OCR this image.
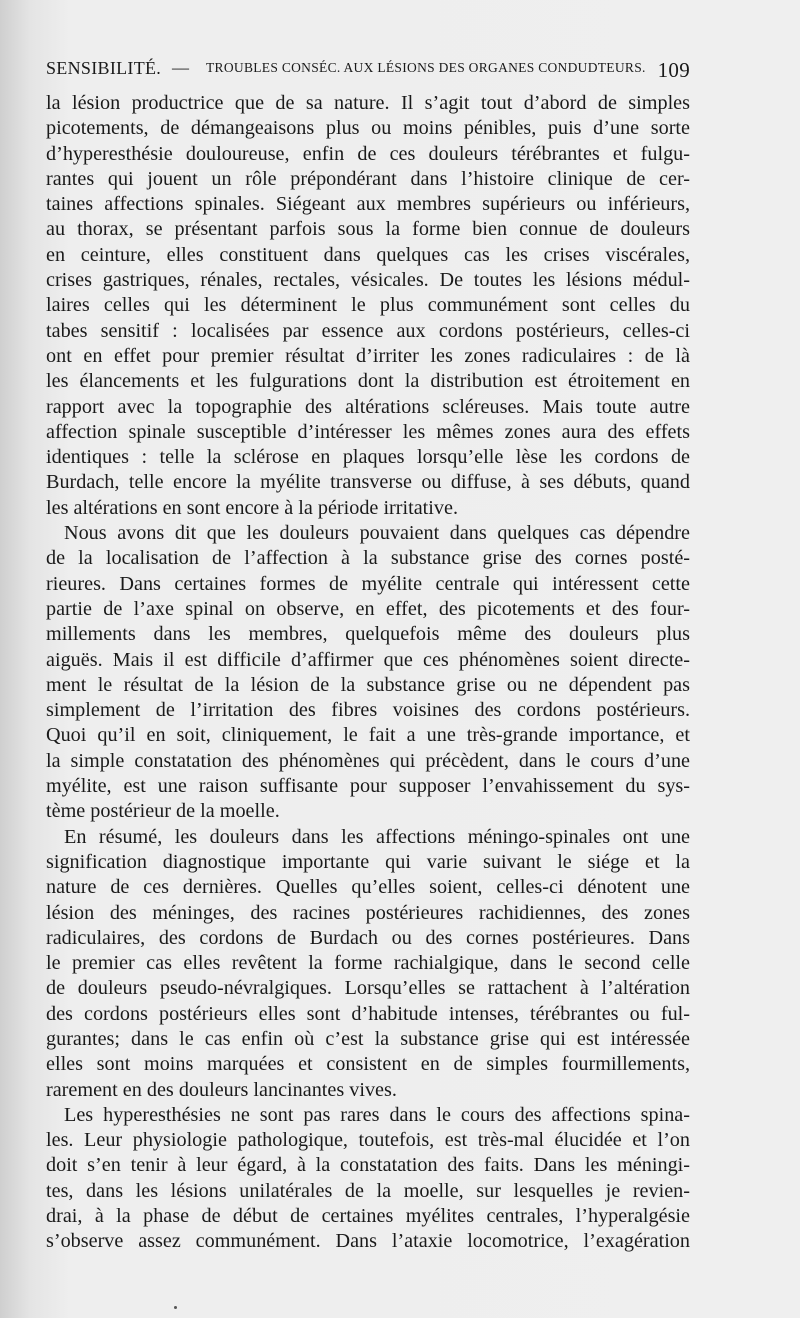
SENSIBILITÉ. — TROUBLES CONSÉC. AUX LÉSIONS DES ORGANES CONDUDTEURS. 109
la lésion productrice que de sa nature. Il s’agit tout d’abord de simples
picotements, de démangeaisons plus ou moins pénibles, puis d’une sorte
d’hyperesthésie douloureuse, enfin de ces douleurs térébrantes et fulgu-
rantes qui jouent un rôle prépondérant dans l’histoire clinique de cer-
taines affections spinales. Siégeant aux membres supérieurs ou inférieurs,
au thorax, se présentant parfois sous la forme bien connue de douleurs
en ceinture, elles constituent dans quelques cas les crises viscérales,
crises gastriques, rénales, rectales, vésicales. De toutes les lésions médul-
laires celles qui les déterminent le plus communément sont celles du
tabes sensitif : localisées par essence aux cordons postérieurs, celles-ci
ont en effet pour premier résultat d’irriter les zones radiculaires : de là
les élancements et les fulgurations dont la distribution est étroitement en
rapport avec la topographie des altérations scléreuses. Mais toute autre
affection spinale susceptible d’intéresser les mêmes zones aura des effets
identiques : telle la sclérose en plaques lorsqu’elle lèse les cordons de
Burdach, telle encore la myélite transverse ou diffuse, à ses débuts, quand
les altérations en sont encore à la période irritative.
Nous avons dit que les douleurs pouvaient dans quelques cas dépendre
de la localisation de l’affection à la substance grise des cornes posté-
rieures. Dans certaines formes de myélite centrale qui intéressent cette
partie de l’axe spinal on observe, en effet, des picotements et des four-
millements dans les membres, quelquefois même des douleurs plus
aiguës. Mais il est difficile d’affirmer que ces phénomènes soient directe-
ment le résultat de la lésion de la substance grise ou ne dépendent pas
simplement de l’irritation des fibres voisines des cordons postérieurs.
Quoi qu’il en soit, cliniquement, le fait a une très-grande importance, et
la simple constatation des phénomènes qui précèdent, dans le cours d’une
myélite, est une raison suffisante pour supposer l’envahissement du sys-
tème postérieur de la moelle.
En résumé, les douleurs dans les affections méningo-spinales ont une
signification diagnostique importante qui varie suivant le siége et la
nature de ces dernières. Quelles qu’elles soient, celles-ci dénotent une
lésion des méninges, des racines postérieures rachidiennes, des zones
radiculaires, des cordons de Burdach ou des cornes postérieures. Dans
le premier cas elles revêtent la forme rachialgique, dans le second celle
de douleurs pseudo-névralgiques. Lorsqu’elles se rattachent à l’altération
des cordons postérieurs elles sont d’habitude intenses, térébrantes ou ful-
gurantes; dans le cas enfin où c’est la substance grise qui est intéressée
elles sont moins marquées et consistent en de simples fourmillements,
rarement en des douleurs lancinantes vives.
Les hyperesthésies ne sont pas rares dans le cours des affections spina-
les. Leur physiologie pathologique, toutefois, est très-mal élucidée et l’on
doit s’en tenir à leur égard, à la constatation des faits. Dans les méningi-
tes, dans les lésions unilatérales de la moelle, sur lesquelles je revien-
drai, à la phase de début de certaines myélites centrales, l’hyperalgésie
s’observe assez communément. Dans l’ataxie locomotrice, l’exagération
